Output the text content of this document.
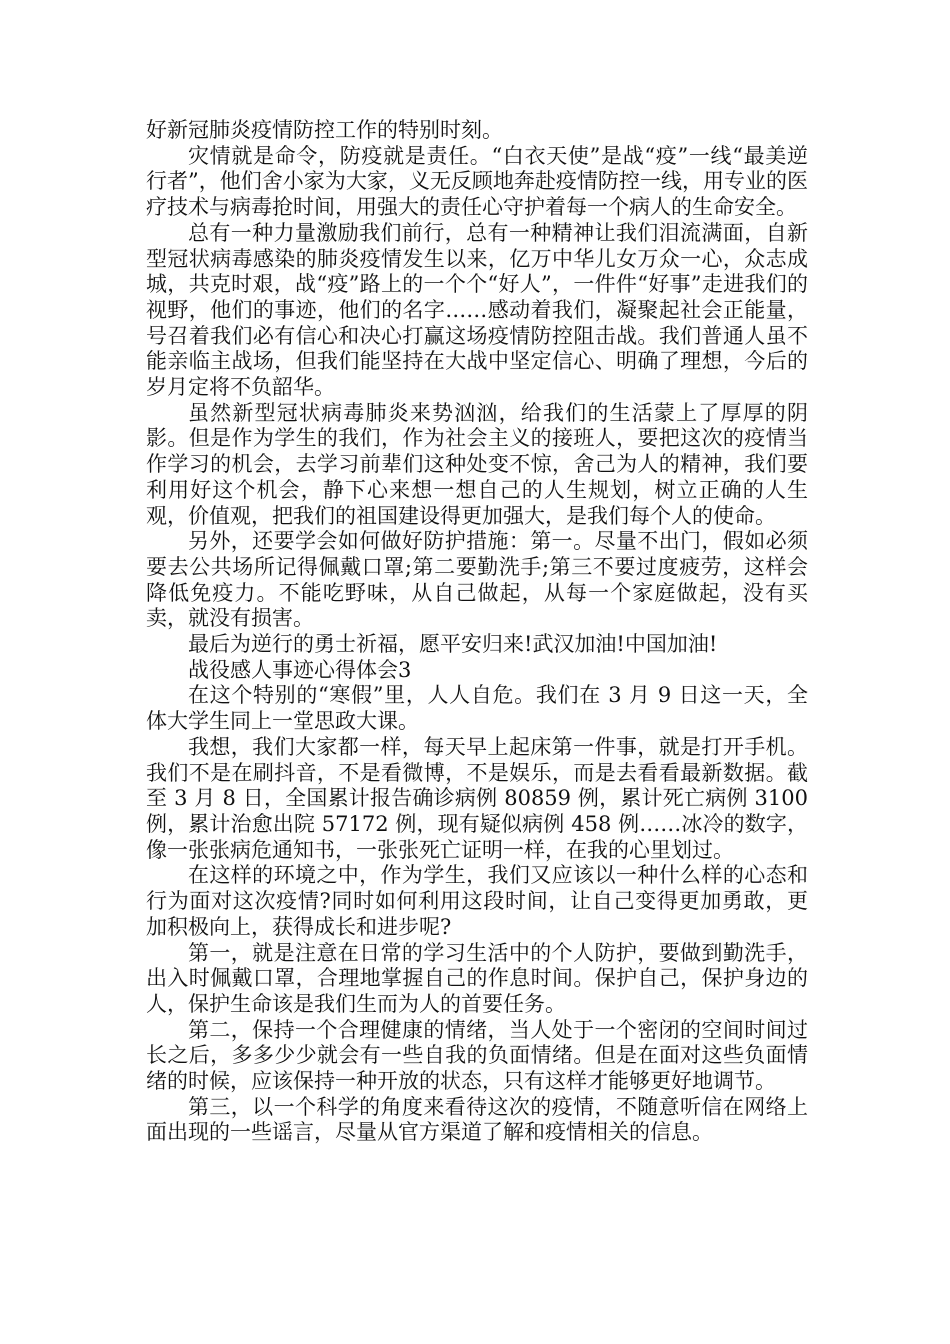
好新冠肺炎疫情防控工作的特别时刻。

灾情就是命令，防疫就是责任。“白衣天使”是战“疫”一线“最美逆行者”，他们舍小家为大家，义无反顾地奔赴疫情防控一线，用专业的医疗技术与病毒抢时间，用强大的责任心守护着每一个病人的生命安全。

总有一种力量激励我们前行，总有一种精神让我们泪流满面，自新型冠状病毒感染的肺炎疫情发生以来，亿万中华儿女万众一心，众志成城，共克时艰，战“疫”路上的一个个“好人”，一件件“好事”走进我们的视野，他们的事迹，他们的名字……感动着我们，凝聚起社会正能量，号召着我们必有信心和决心打赢这场疫情防控阻击战。我们普通人虽不能亲临主战场，但我们能坚持在大战中坚定信心、明确了理想，今后的岁月定将不负韶华。

虽然新型冠状病毒肺炎来势汹汹，给我们的生活蒙上了厚厚的阴影。但是作为学生的我们，作为社会主义的接班人，要把这次的疫情当作学习的机会，去学习前辈们这种处变不惊，舍己为人的精神，我们要利用好这个机会，静下心来想一想自己的人生规划，树立正确的人生观，价值观，把我们的祖国建设得更加强大，是我们每个人的使命。

另外，还要学会如何做好防护措施：第一。尽量不出门，假如必须要去公共场所记得佩戴口罩;第二要勤洗手;第三不要过度疲劳，这样会降低免疫力。不能吃野味，从自己做起，从每一个家庭做起，没有买卖，就没有损害。

最后为逆行的勇士祈福，愿平安归来!武汉加油!中国加油!

战役感人事迹心得体会3

在这个特别的“寒假”里，人人自危。我们在 3 月 9 日这一天，全体大学生同上一堂思政大课。

我想，我们大家都一样，每天早上起床第一件事，就是打开手机。我们不是在刷抖音，不是看微博，不是娱乐，而是去看看最新数据。截至 3 月 8 日，全国累计报告确诊病例 80859 例，累计死亡病例 3100 例，累计治愈出院 57172 例，现有疑似病例 458 例……冰冷的数字，像一张张病危通知书，一张张死亡证明一样，在我的心里划过。

在这样的环境之中，作为学生，我们又应该以一种什么样的心态和行为面对这次疫情?同时如何利用这段时间，让自己变得更加勇敢，更加积极向上，获得成长和进步呢?

第一，就是注意在日常的学习生活中的个人防护，要做到勤洗手，出入时佩戴口罩，合理地掌握自己的作息时间。保护自己，保护身边的人，保护生命该是我们生而为人的首要任务。

第二，保持一个合理健康的情绪，当人处于一个密闭的空间时间过长之后，多多少少就会有一些自我的负面情绪。但是在面对这些负面情绪的时候，应该保持一种开放的状态，只有这样才能够更好地调节。

第三，以一个科学的角度来看待这次的疫情，不随意听信在网络上面出现的一些谣言，尽量从官方渠道了解和疫情相关的信息。
